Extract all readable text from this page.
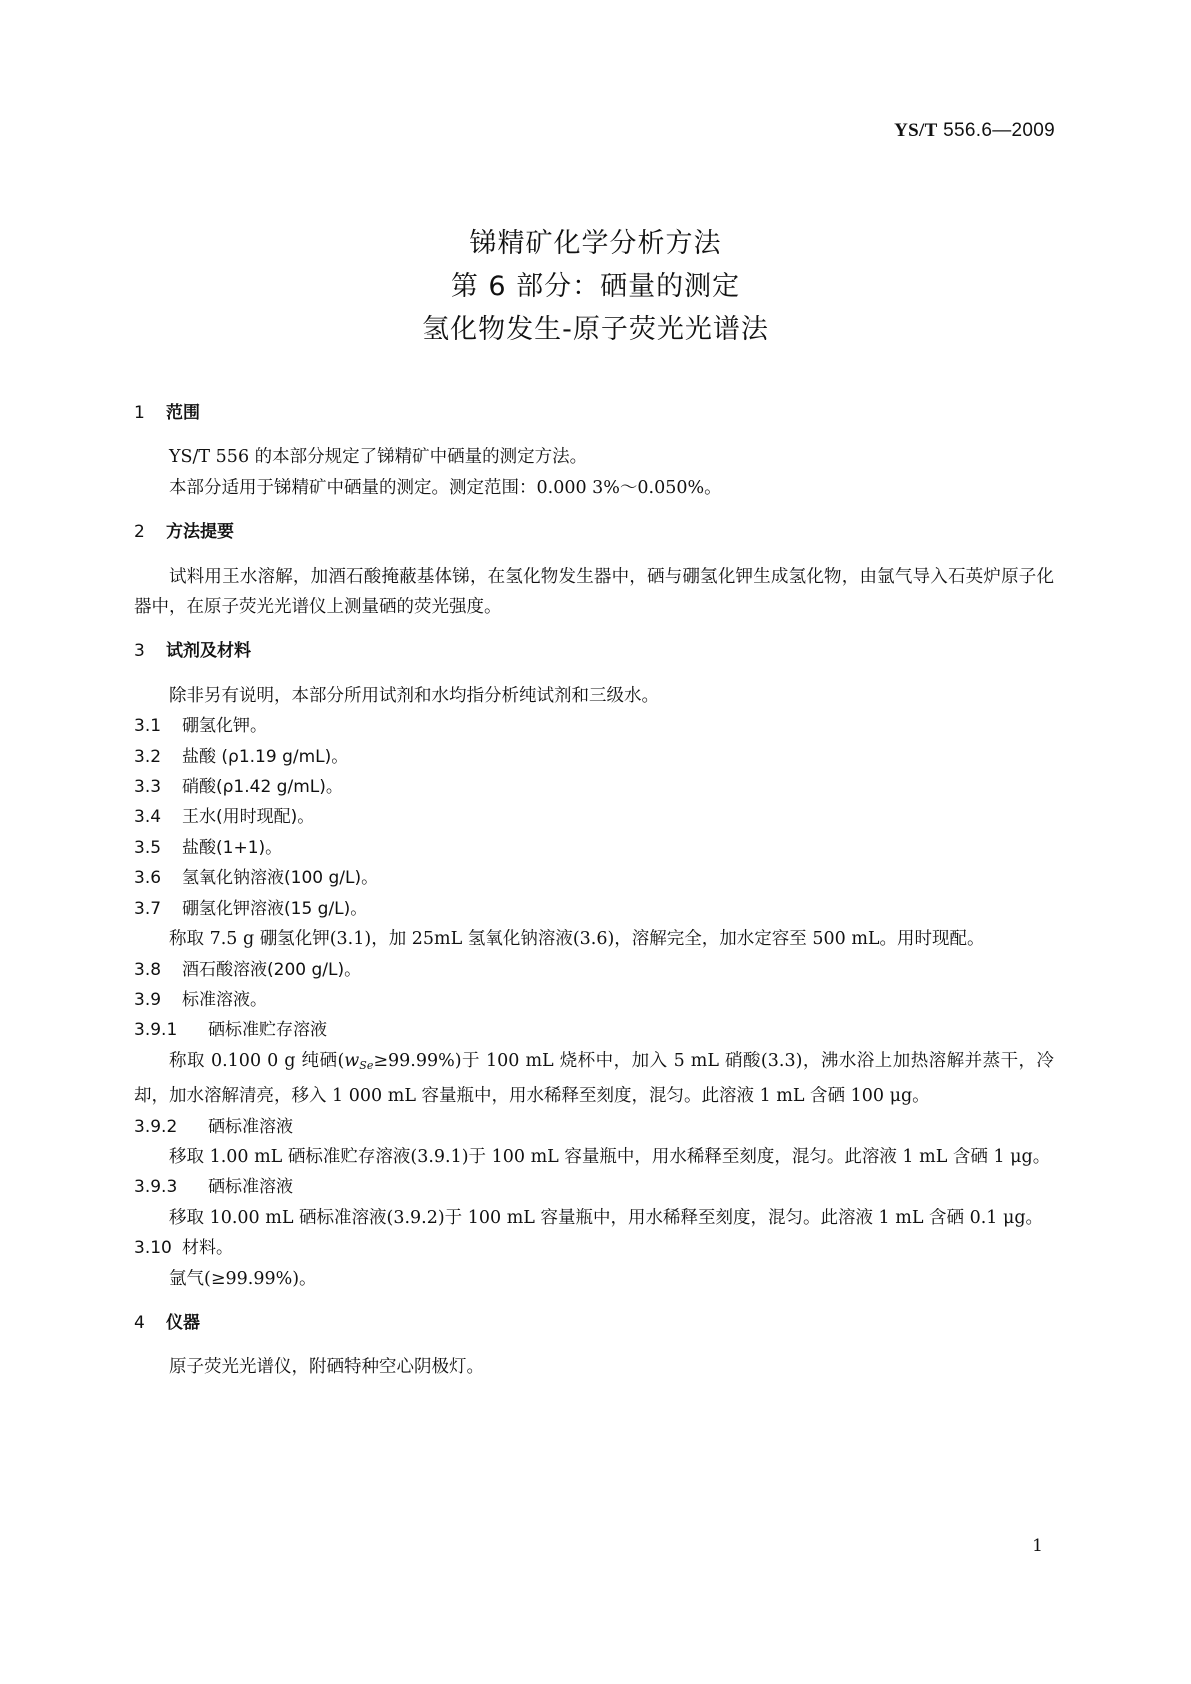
YS/T 556.6—2009
锑精矿化学分析方法
第 6 部分：硒量的测定
氢化物发生-原子荧光光谱法
1 范围
YS/T 556 的本部分规定了锑精矿中硒量的测定方法。
本部分适用于锑精矿中硒量的测定。测定范围：0.000 3%～0.050%。
2 方法提要
试料用王水溶解，加酒石酸掩蔽基体锑，在氢化物发生器中，硒与硼氢化钾生成氢化物，由氩气导入石英炉原子化器中，在原子荧光光谱仪上测量硒的荧光强度。
3 试剂及材料
除非另有说明，本部分所用试剂和水均指分析纯试剂和三级水。
3.1 硼氢化钾。
3.2 盐酸 (ρ1.19 g/mL)。
3.3 硝酸(ρ1.42 g/mL)。
3.4 王水(用时现配)。
3.5 盐酸(1+1)。
3.6 氢氧化钠溶液(100 g/L)。
3.7 硼氢化钾溶液(15 g/L)。
称取 7.5 g 硼氢化钾(3.1)，加 25mL 氢氧化钠溶液(3.6)，溶解完全，加水定容至 500 mL。用时现配。
3.8 酒石酸溶液(200 g/L)。
3.9 标准溶液。
3.9.1 硒标准贮存溶液
称取 0.100 0 g 纯硒$(w_{Se}\ge 99.99\%)$于 100 mL 烧杯中，加入 5 mL 硝酸(3.3)，沸水浴上加热溶解并蒸干，冷却，加水溶解清亮，移入 1 000 mL 容量瓶中，用水稀释至刻度，混匀。此溶液 1 mL 含硒 100 μg。
3.9.2 硒标准溶液
移取 1.00 mL 硒标准贮存溶液(3.9.1)于 100 mL 容量瓶中，用水稀释至刻度，混匀。此溶液 1 mL 含硒 1 μg。
3.9.3 硒标准溶液
移取 10.00 mL 硒标准溶液(3.9.2)于 100 mL 容量瓶中，用水稀释至刻度，混匀。此溶液 1 mL 含硒 0.1 μg。
3.10 材料。
氩气(≥99.99%)。
4 仪器
原子荧光光谱仪，附硒特种空心阴极灯。
1
